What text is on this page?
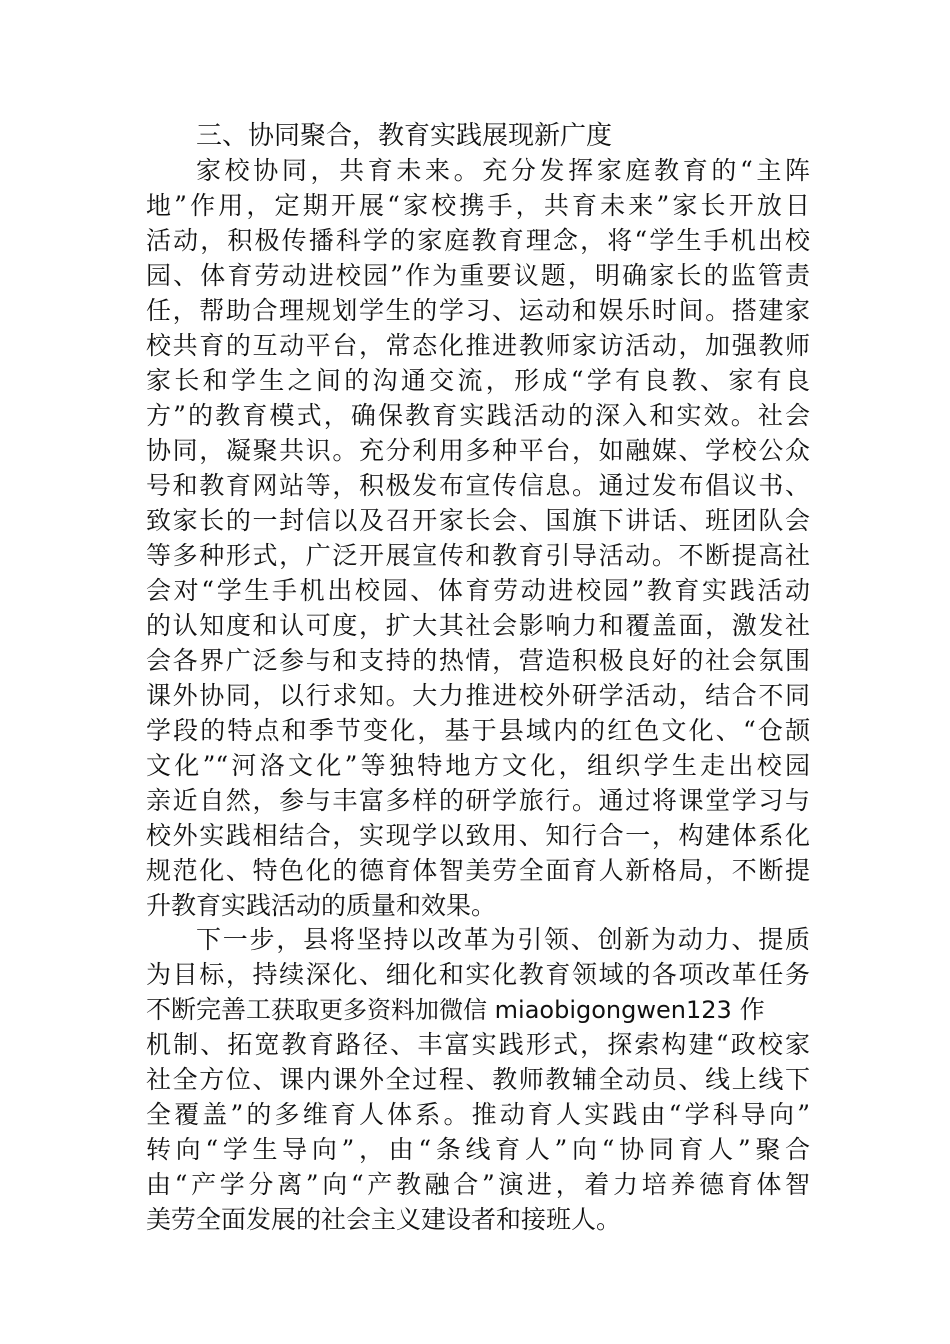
三、协同聚合，教育实践展现新广度
家校协同，共育未来。充分发挥家庭教育的“主阵
地”作用，定期开展“家校携手，共育未来”家长开放日
活动，积极传播科学的家庭教育理念，将“学生手机出校
园、体育劳动进校园”作为重要议题，明确家长的监管责
任，帮助合理规划学生的学习、运动和娱乐时间。搭建家
校共育的互动平台，常态化推进教师家访活动，加强教师
家长和学生之间的沟通交流，形成“学有良教、家有良
方”的教育模式，确保教育实践活动的深入和实效。社会
协同，凝聚共识。充分利用多种平台，如融媒、学校公众
号和教育网站等，积极发布宣传信息。通过发布倡议书、
致家长的一封信以及召开家长会、国旗下讲话、班团队会
等多种形式，广泛开展宣传和教育引导活动。不断提高社
会对“学生手机出校园、体育劳动进校园”教育实践活动
的认知度和认可度，扩大其社会影响力和覆盖面，激发社
会各界广泛参与和支持的热情，营造积极良好的社会氛围
课外协同，以行求知。大力推进校外研学活动，结合不同
学段的特点和季节变化，基于县域内的红色文化、“仓颉
文化”“河洛文化”等独特地方文化，组织学生走出校园
亲近自然，参与丰富多样的研学旅行。通过将课堂学习与
校外实践相结合，实现学以致用、知行合一，构建体系化
规范化、特色化的德育体智美劳全面育人新格局，不断提
升教育实践活动的质量和效果。
下一步，县将坚持以改革为引领、创新为动力、提质
为目标，持续深化、细化和实化教育领域的各项改革任务
不断完善工获取更多资料加微信 miaobigongwen123 作
机制、拓宽教育路径、丰富实践形式，探索构建“政校家
社全方位、课内课外全过程、教师教辅全动员、线上线下
全覆盖”的多维育人体系。推动育人实践由“学科导向”
转向“学生导向”，由“条线育人”向“协同育人”聚合
由“产学分离”向“产教融合”演进，着力培养德育体智
美劳全面发展的社会主义建设者和接班人。
